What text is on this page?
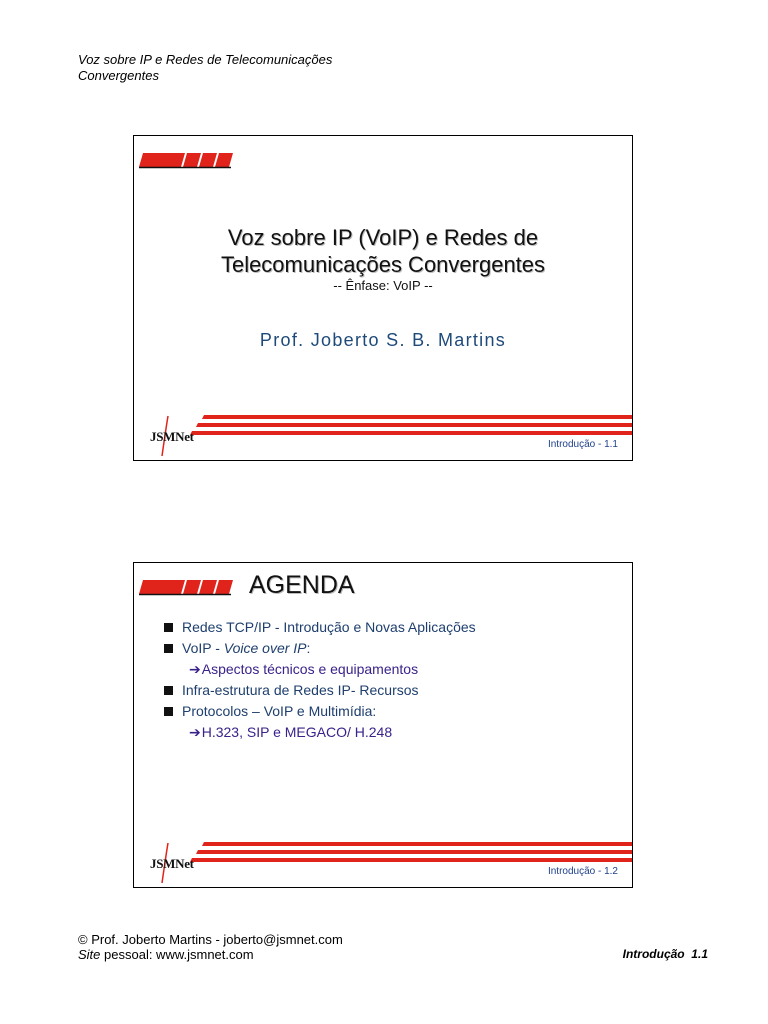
Voz sobre IP e Redes de Telecomunicações
Convergentes
Voz sobre IP (VoIP) e Redes de
Telecomunicações Convergentes
-- Ênfase: VoIP --
Prof. Joberto S. B. Martins
JSMNet
Introdução - 1.1
AGENDA
Redes TCP/IP - Introdução e Novas Aplicações
VoIP - Voice over IP :
➔ Aspectos técnicos e equipamentos
Infra-estrutura de Redes IP- Recursos
Protocolos – VoIP e Multimídia:
➔ H.323, SIP e MEGACO/ H.248
JSMNet
Introdução - 1.2
© Prof. Joberto Martins - joberto@jsmnet.com
Site pessoal: www.jsmnet.com	Introdução  1.1
